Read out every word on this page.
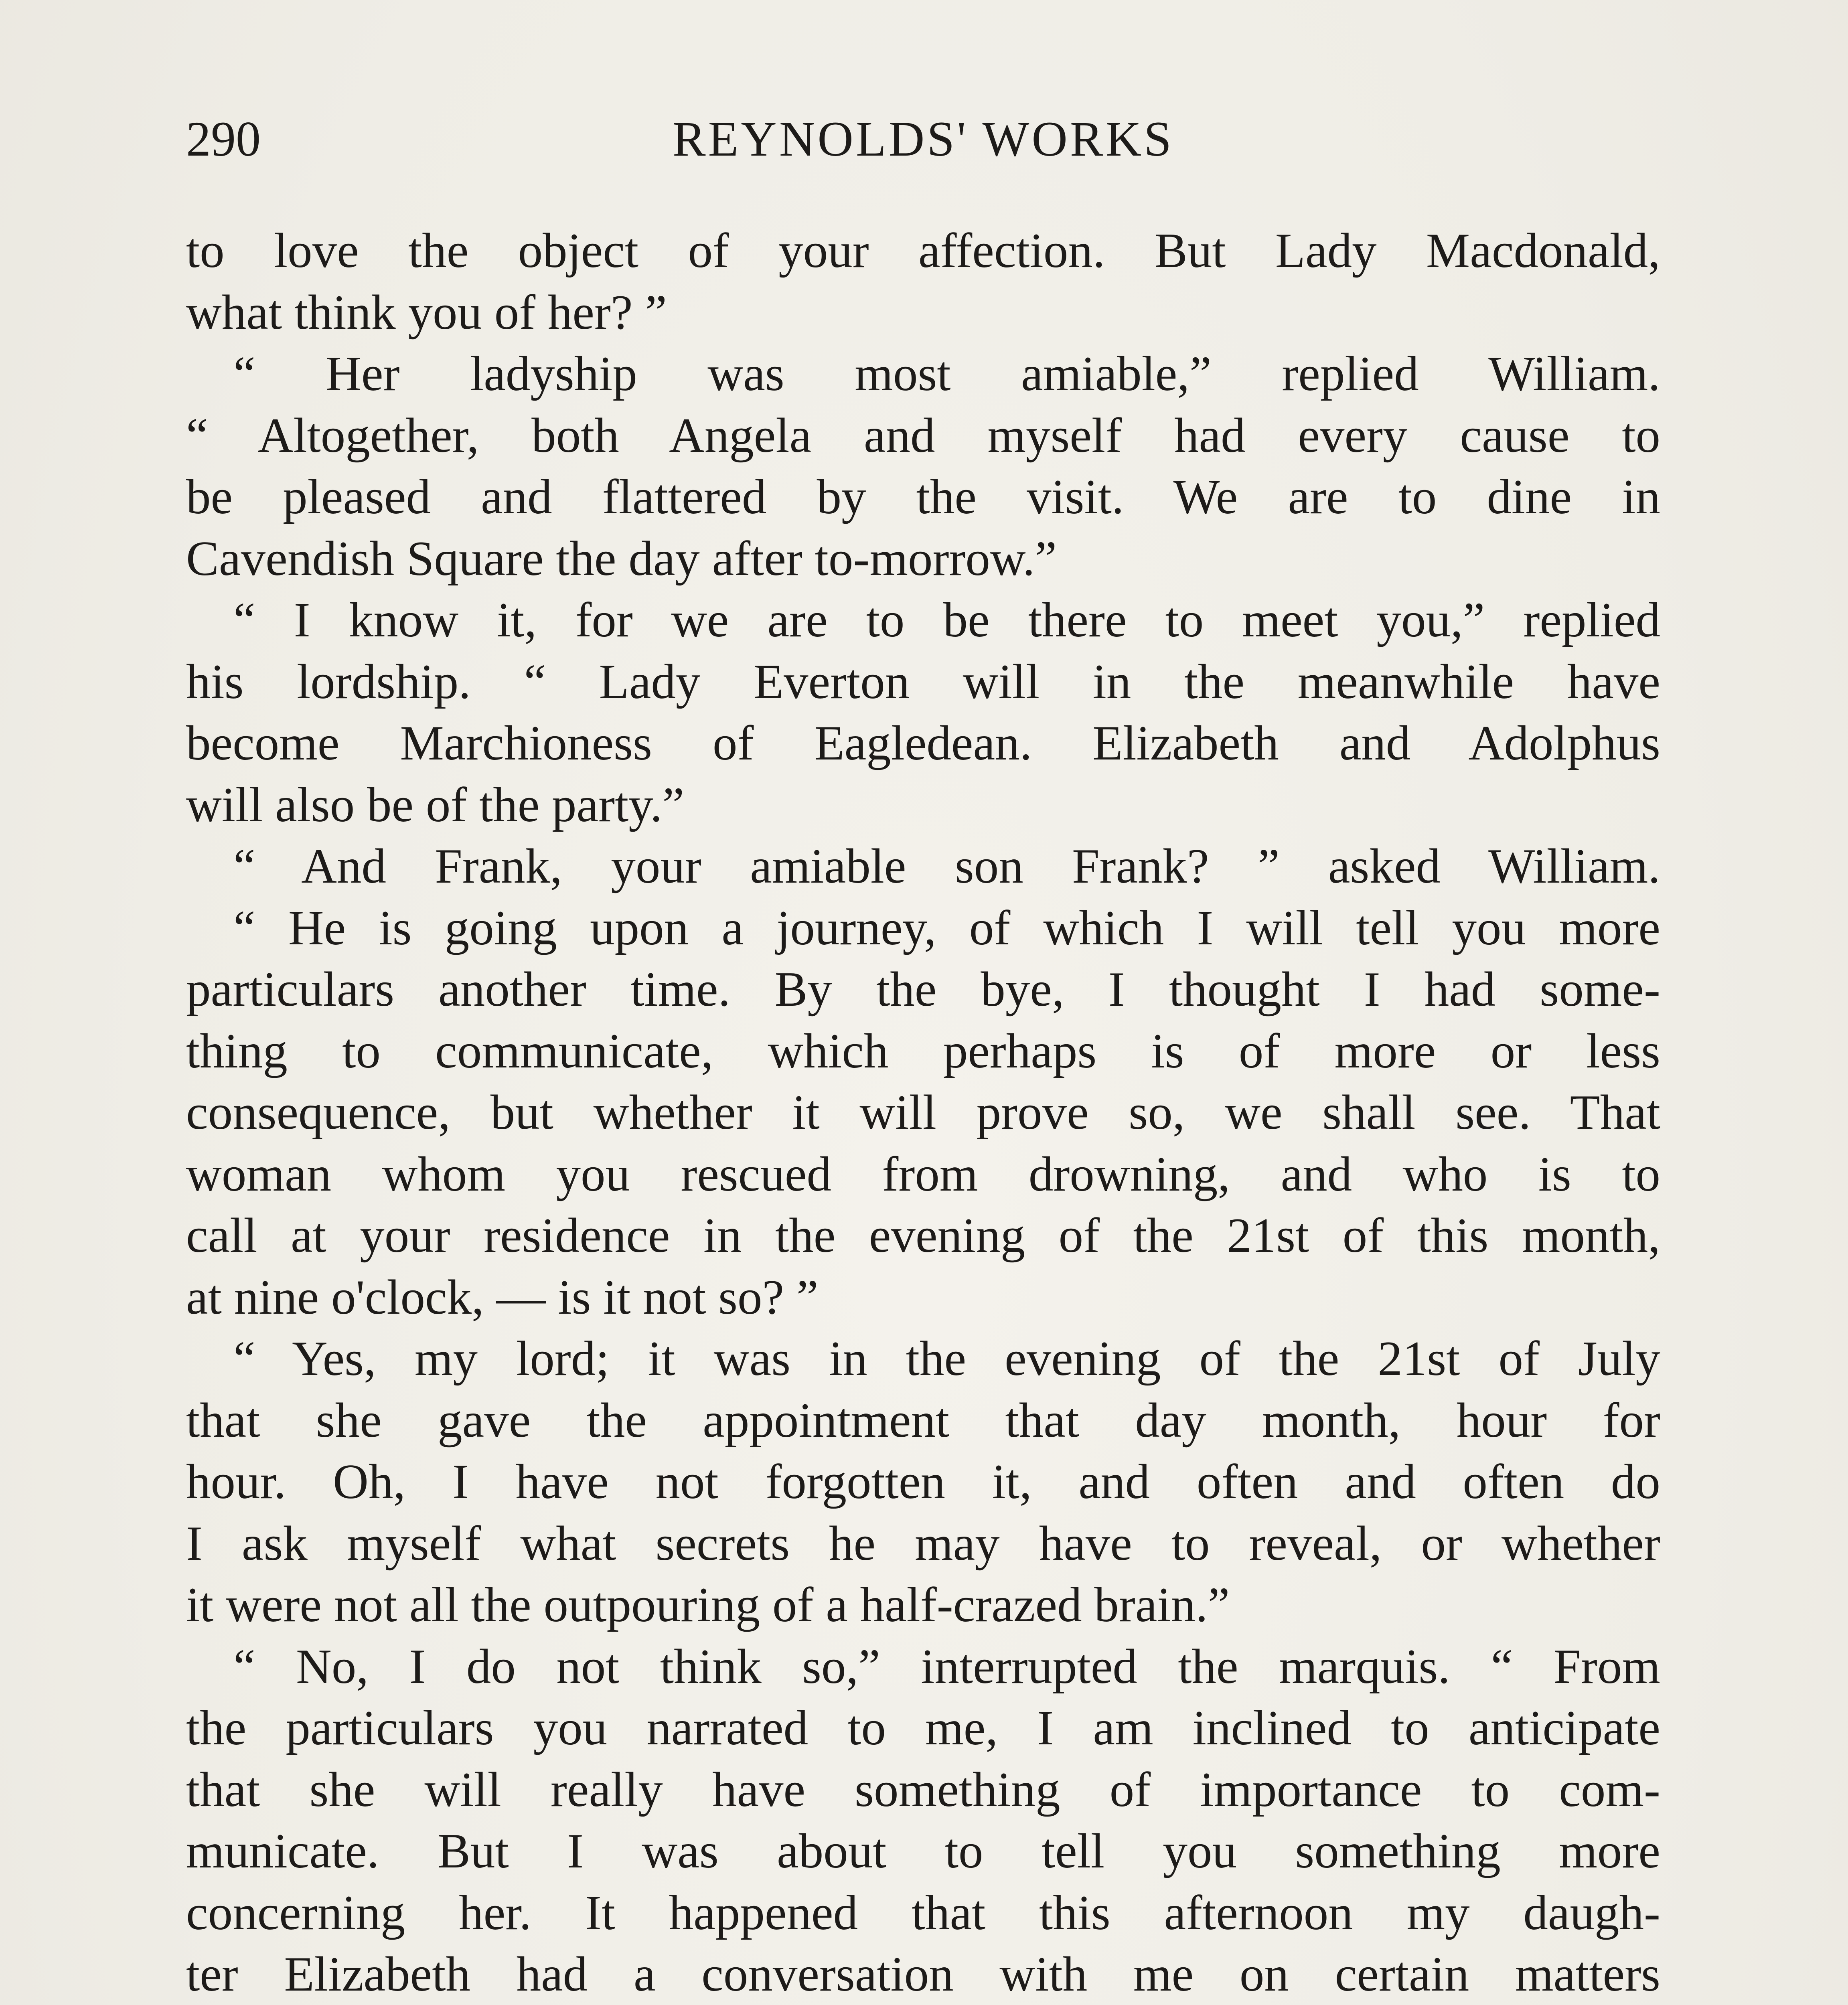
290	REYNOLDS' WORKS
to love the object of your affection. But Lady Macdonald,
what think you of her? ”
“ Her ladyship was most amiable,” replied William.
“ Altogether, both Angela and myself had every cause to
be pleased and flattered by the visit. We are to dine in
Cavendish Square the day after to-morrow.”
“ I know it, for we are to be there to meet you,” replied
his lordship. “ Lady Everton will in the meanwhile have
become Marchioness of Eagledean. Elizabeth and Adolphus
will also be of the party.”
“ And Frank, your amiable son Frank? ” asked William.
“ He is going upon a journey, of which I will tell you more
particulars another time. By the bye, I thought I had some-
thing to communicate, which perhaps is of more or less
consequence, but whether it will prove so, we shall see. That
woman whom you rescued from drowning, and who is to
call at your residence in the evening of the 21st of this month,
at nine o'clock, — is it not so? ”
“ Yes, my lord; it was in the evening of the 21st of July
that she gave the appointment that day month, hour for
hour. Oh, I have not forgotten it, and often and often do
I ask myself what secrets he may have to reveal, or whether
it were not all the outpouring of a half-crazed brain.”
“ No, I do not think so,” interrupted the marquis. “ From
the particulars you narrated to me, I am inclined to anticipate
that she will really have something of importance to com-
municate. But I was about to tell you something more
concerning her. It happened that this afternoon my daugh-
ter Elizabeth had a conversation with me on certain matters
